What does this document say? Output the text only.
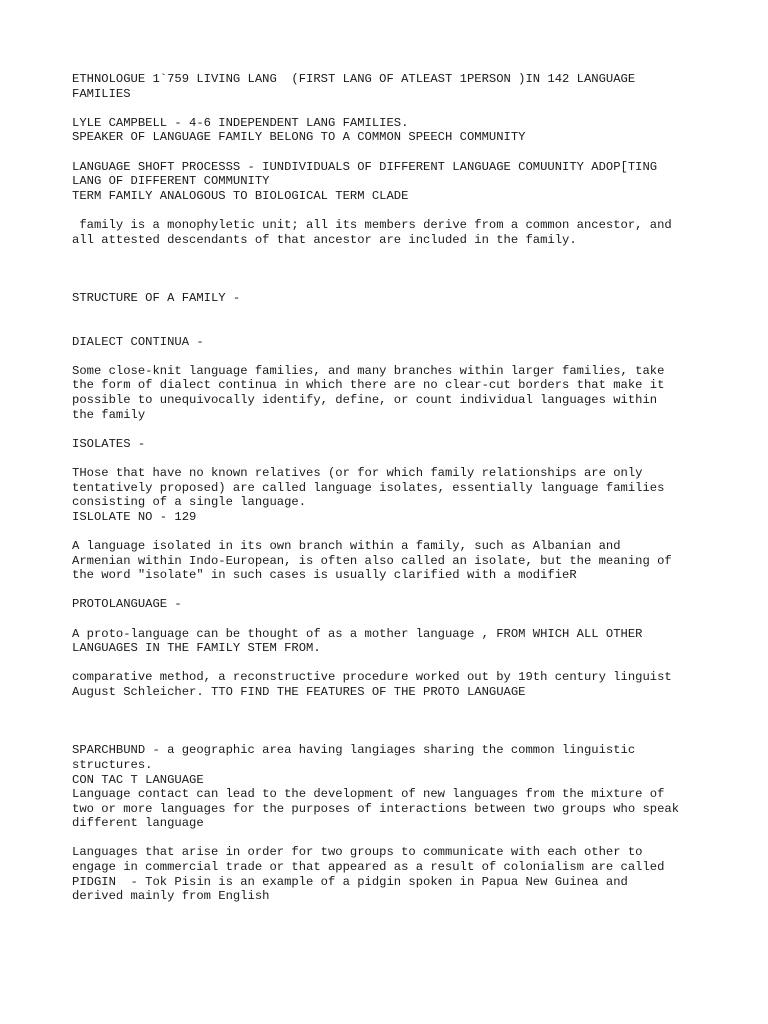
ETHNOLOGUE 1`759 LIVING LANG  (FIRST LANG OF ATLEAST 1PERSON )IN 142 LANGUAGE
FAMILIES
LYLE CAMPBELL - 4-6 INDEPENDENT LANG FAMILIES.
SPEAKER OF LANGUAGE FAMILY BELONG TO A COMMON SPEECH COMMUNITY
LANGUAGE SHOFT PROCESSS - IUNDIVIDUALS OF DIFFERENT LANGUAGE COMUUNITY ADOP[TING
LANG OF DIFFERENT COMMUNITY
TERM FAMILY ANALOGOUS TO BIOLOGICAL TERM CLADE
family is a monophyletic unit; all its members derive from a common ancestor, and
all attested descendants of that ancestor are included in the family.
STRUCTURE OF A FAMILY -
DIALECT CONTINUA -
Some close-knit language families, and many branches within larger families, take
the form of dialect continua in which there are no clear-cut borders that make it
possible to unequivocally identify, define, or count individual languages within
the family
ISOLATES -
THose that have no known relatives (or for which family relationships are only
tentatively proposed) are called language isolates, essentially language families
consisting of a single language.
ISLOLATE NO - 129
A language isolated in its own branch within a family, such as Albanian and
Armenian within Indo-European, is often also called an isolate, but the meaning of
the word "isolate" in such cases is usually clarified with a modifieR
PROTOLANGUAGE -
A proto-language can be thought of as a mother language , FROM WHICH ALL OTHER
LANGUAGES IN THE FAMILY STEM FROM.
comparative method, a reconstructive procedure worked out by 19th century linguist
August Schleicher. TTO FIND THE FEATURES OF THE PROTO LANGUAGE
SPARCHBUND - a geographic area having langiages sharing the common linguistic
structures.
CON TAC T LANGUAGE
Language contact can lead to the development of new languages from the mixture of
two or more languages for the purposes of interactions between two groups who speak
different language
Languages that arise in order for two groups to communicate with each other to
engage in commercial trade or that appeared as a result of colonialism are called
PIDGIN  - Tok Pisin is an example of a pidgin spoken in Papua New Guinea and
derived mainly from English
